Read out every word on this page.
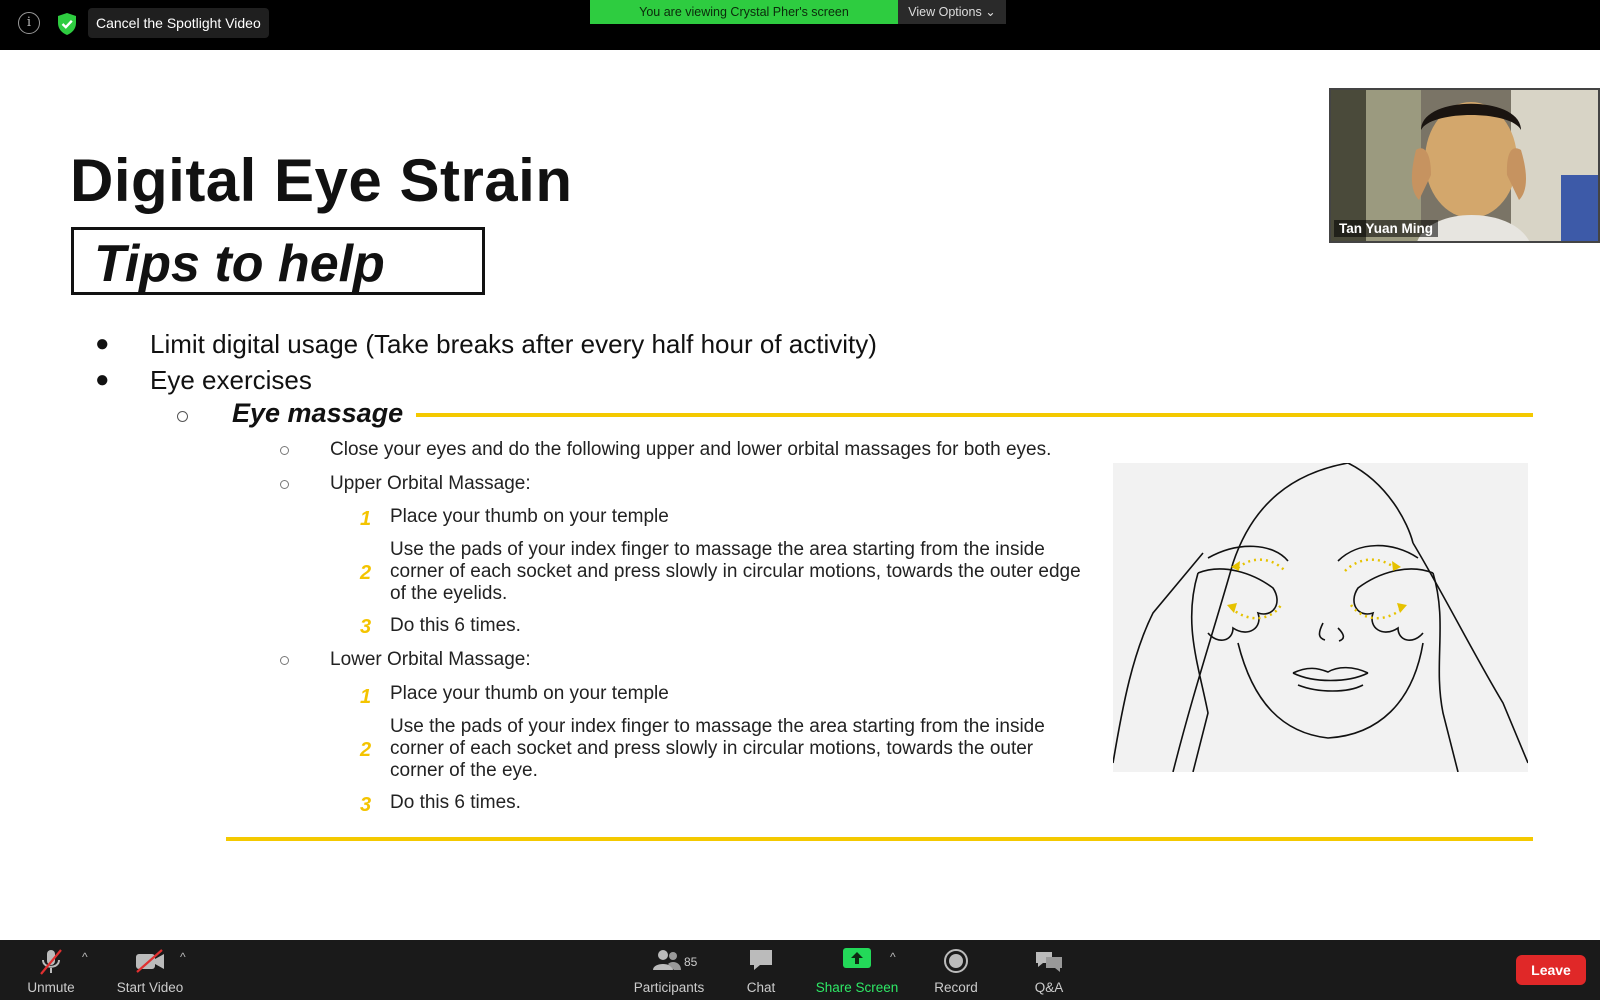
i	Cancel the Spotlight Video
You are viewing Crystal Pher's screen	View Options ⌄
Digital Eye Strain
Tips to help
● Limit digital usage (Take breaks after every half hour of activity)
● Eye exercises
Eye massage
Close your eyes and do the following upper and lower orbital massages for both eyes.
Upper Orbital Massage:
1 Place your thumb on your temple
2
Use the pads of your index finger to massage the area starting from the inside corner of each socket and press slowly in circular motions, towards the outer edge of the eyelids.
3 Do this 6 times.
Lower Orbital Massage:
1 Place your thumb on your temple
2
Use the pads of your index finger to massage the area starting from the inside corner of each socket and press slowly in circular motions, towards the outer corner of the eye.
3 Do this 6 times.
Tan Yuan Ming
Unmute
^
Start Video
^	85
Participants	Chat	Share Screen
^
Record	Q&A
Leave
